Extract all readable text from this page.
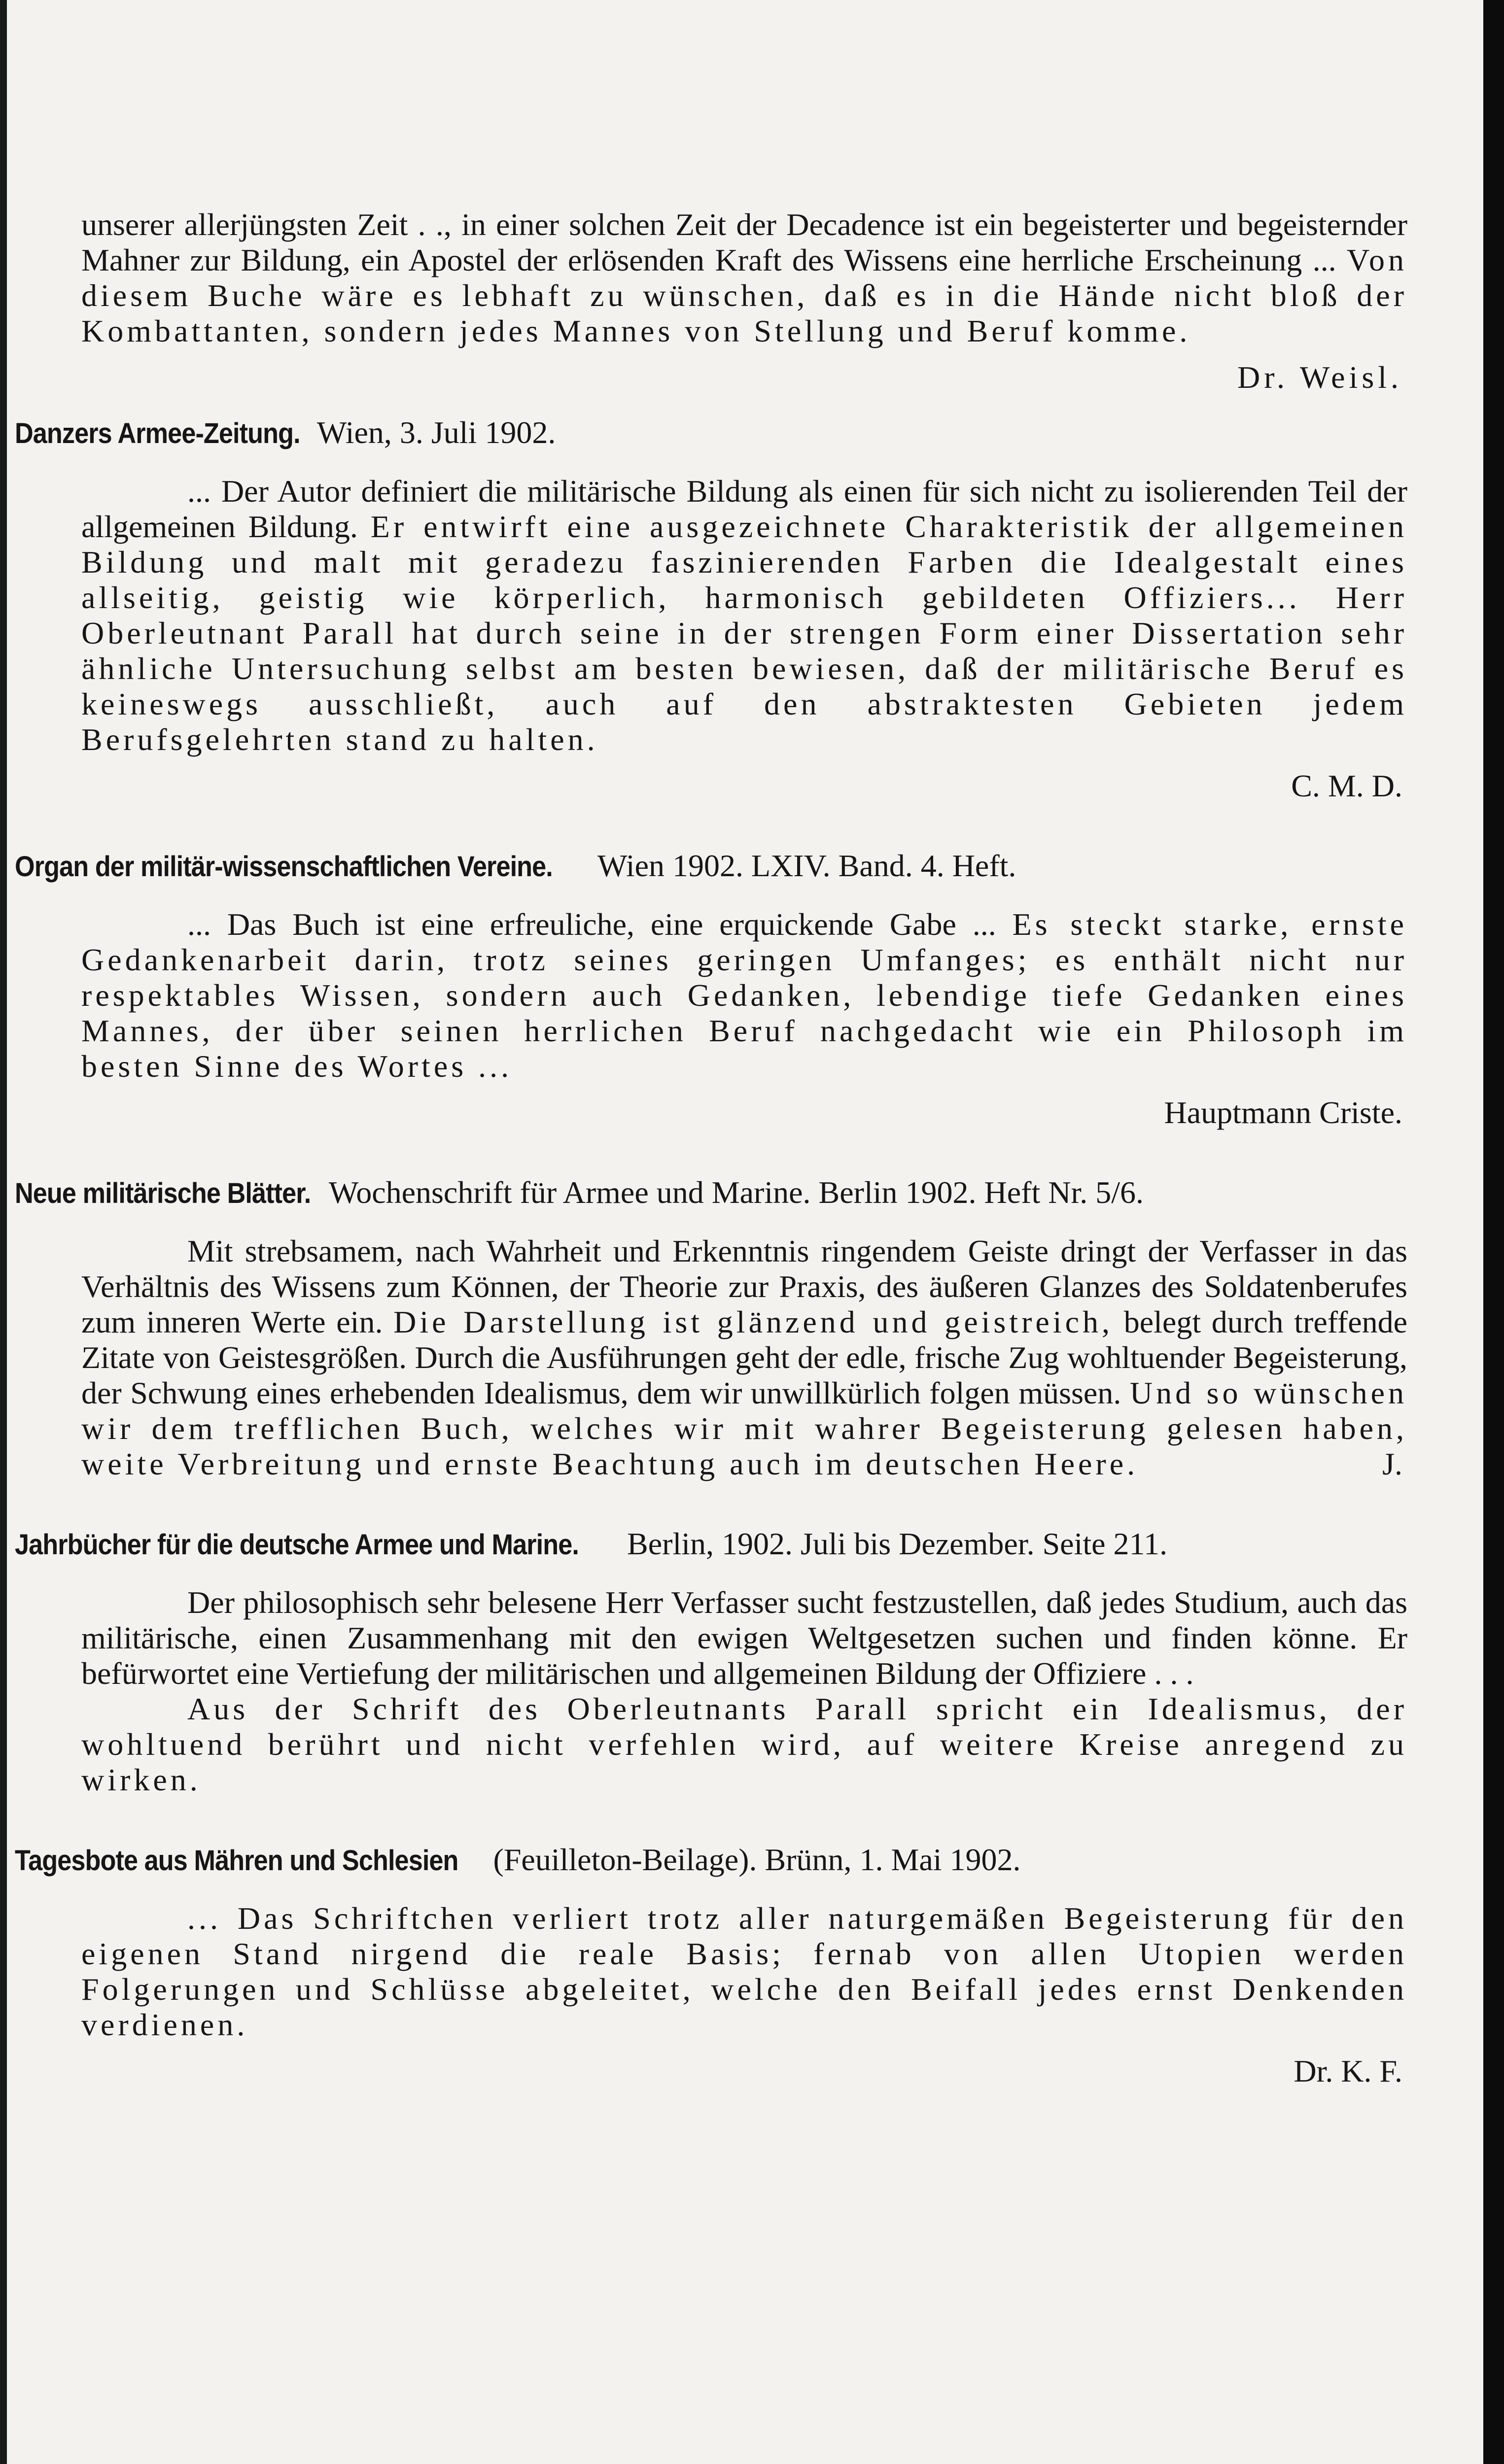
unserer allerjüngsten Zeit . ., in einer solchen Zeit der Decadence ist ein begeisterter und begeisternder Mahner zur Bildung, ein Apostel der erlösenden Kraft des Wissens eine herrliche Erscheinung ... Von diesem Buche wäre es lebhaft zu wünschen, daß es in die Hände nicht bloß der Kombattanten, sondern jedes Mannes von Stellung und Beruf komme.

Dr. Weisl.

Danzers Armee-Zeitung. Wien, 3. Juli 1902.

... Der Autor definiert die militärische Bildung als einen für sich nicht zu isolierenden Teil der allgemeinen Bildung. Er entwirft eine ausgezeichnete Charakteristik der allgemeinen Bildung und malt mit geradezu faszinierenden Farben die Idealgestalt eines allseitig, geistig wie körperlich, harmonisch gebildeten Offiziers... Herr Oberleutnant Parall hat durch seine in der strengen Form einer Dissertation sehr ähnliche Untersuchung selbst am besten bewiesen, daß der militärische Beruf es keineswegs ausschließt, auch auf den abstraktesten Gebieten jedem Berufsgelehrten stand zu halten.

C. M. D.

Organ der militär-wissenschaftlichen Vereine. Wien 1902. LXIV. Band. 4. Heft.

... Das Buch ist eine erfreuliche, eine erquickende Gabe ... Es steckt starke, ernste Gedankenarbeit darin, trotz seines geringen Umfanges; es enthält nicht nur respektables Wissen, sondern auch Gedanken, lebendige tiefe Gedanken eines Mannes, der über seinen herrlichen Beruf nachgedacht wie ein Philosoph im besten Sinne des Wortes ...

Hauptmann Criste.

Neue militärische Blätter. Wochenschrift für Armee und Marine. Berlin 1902. Heft Nr. 5/6.

Mit strebsamem, nach Wahrheit und Erkenntnis ringendem Geiste dringt der Verfasser in das Verhältnis des Wissens zum Können, der Theorie zur Praxis, des äußeren Glanzes des Soldatenberufes zum inneren Werte ein. Die Darstellung ist glänzend und geistreich, belegt durch treffende Zitate von Geistesgrößen. Durch die Ausführungen geht der edle, frische Zug wohltuender Begeisterung, der Schwung eines erhebenden Idealismus, dem wir unwillkürlich folgen müssen. Und so wünschen wir dem trefflichen Buch, welches wir mit wahrer Begeisterung gelesen haben, weite Verbreitung und ernste Beachtung auch im deutschen Heere.	J.

Jahrbücher für die deutsche Armee und Marine. Berlin, 1902. Juli bis Dezember. Seite 211.

Der philosophisch sehr belesene Herr Verfasser sucht festzustellen, daß jedes Studium, auch das militärische, einen Zusammenhang mit den ewigen Weltgesetzen suchen und finden könne. Er befürwortet eine Vertiefung der militärischen und allgemeinen Bildung der Offiziere . . .

Aus der Schrift des Oberleutnants Parall spricht ein Idealismus, der wohltuend berührt und nicht verfehlen wird, auf weitere Kreise anregend zu wirken.

Tagesbote aus Mähren und Schlesien (Feuilleton-Beilage). Brünn, 1. Mai 1902.

... Das Schriftchen verliert trotz aller naturgemäßen Begeisterung für den eigenen Stand nirgend die reale Basis; fernab von allen Utopien werden Folgerungen und Schlüsse abgeleitet, welche den Beifall jedes ernst Denkenden verdienen.

Dr. K. F.
